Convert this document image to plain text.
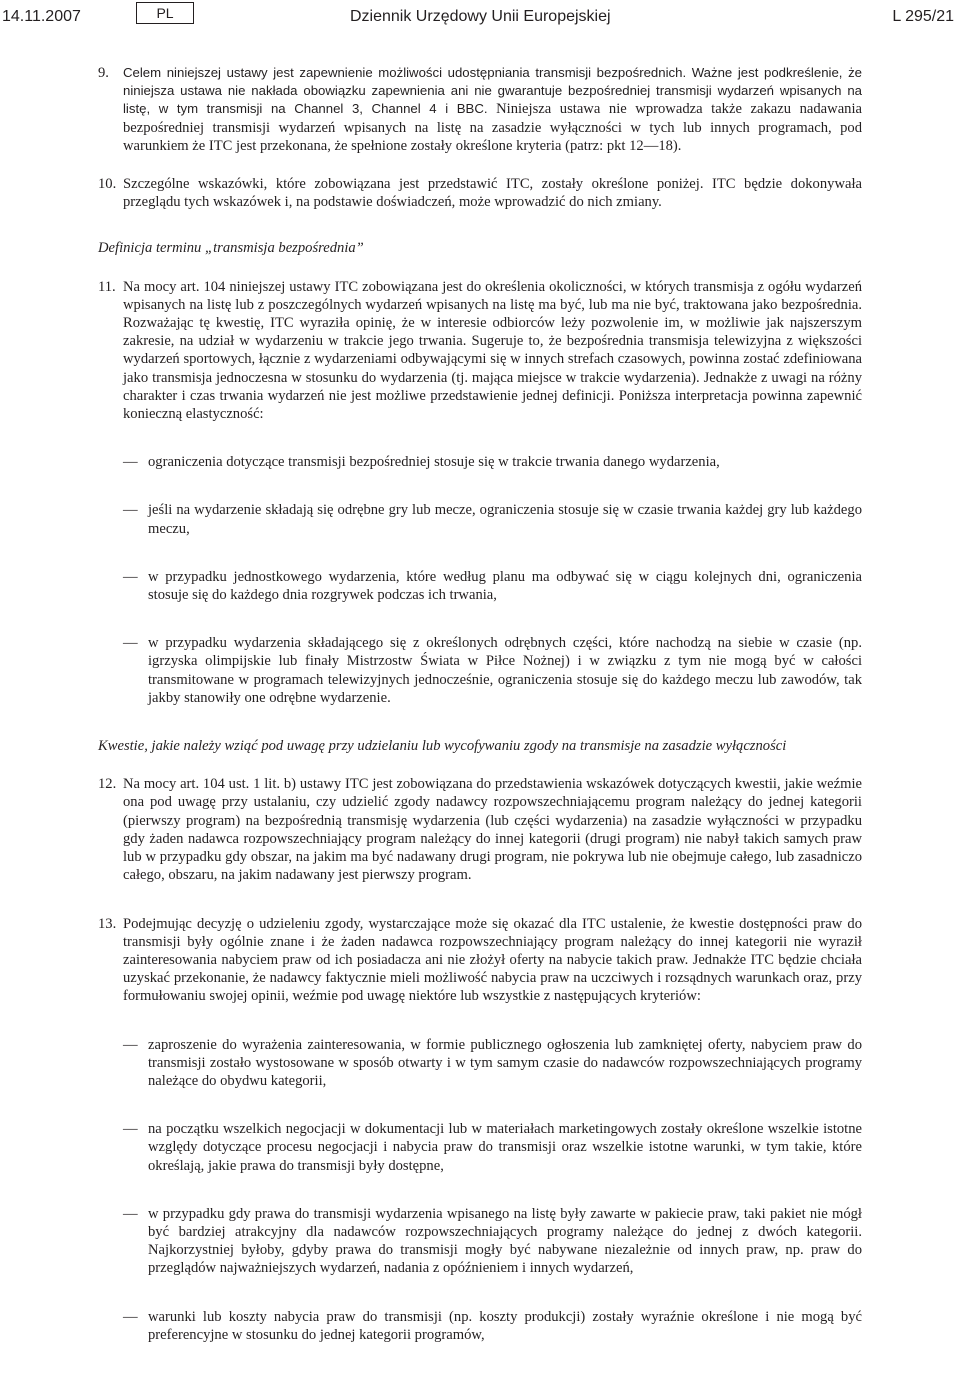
14.11.2007	PL	Dziennik Urzędowy Unii Europejskiej	L 295/21

9. Celem niniejszej ustawy jest zapewnienie możliwości udostępniania transmisji bezpośrednich. Ważne jest podkreślenie, że niniejsza ustawa nie nakłada obowiązku zapewnienia ani nie gwarantuje bezpośredniej transmisji wydarzeń wpisanych na listę, w tym transmisji na Channel 3, Channel 4 i BBC. Niniejsza ustawa nie wprowadza także zakazu nadawania bezpośredniej transmisji wydarzeń wpisanych na listę na zasadzie wyłączności w tych lub innych programach, pod warunkiem że ITC jest przekonana, że spełnione zostały określone kryteria (patrz: pkt 12—18).

10. Szczególne wskazówki, które zobowiązana jest przedstawić ITC, zostały określone poniżej. ITC będzie dokonywała przeglądu tych wskazówek i, na podstawie doświadczeń, może wprowadzić do nich zmiany.

Definicja terminu „transmisja bezpośrednia”

11. Na mocy art. 104 niniejszej ustawy ITC zobowiązana jest do określenia okoliczności, w których transmisja z ogółu wydarzeń wpisanych na listę lub z poszczególnych wydarzeń wpisanych na listę ma być, lub ma nie być, traktowana jako bezpośrednia. Rozważając tę kwestię, ITC wyraziła opinię, że w interesie odbiorców leży pozwolenie im, w możliwie jak najszerszym zakresie, na udział w wydarzeniu w trakcie jego trwania. Sugeruje to, że bezpośrednia transmisja telewizyjna z większości wydarzeń sportowych, łącznie z wydarzeniami odbywającymi się w innych strefach czasowych, powinna zostać zdefiniowana jako transmisja jednoczesna w stosunku do wydarzenia (tj. mająca miejsce w trakcie wydarzenia). Jednakże z uwagi na różny charakter i czas trwania wydarzeń nie jest możliwe przedstawienie jednej definicji. Poniższa interpretacja powinna zapewnić konieczną elastyczność:

— ograniczenia dotyczące transmisji bezpośredniej stosuje się w trakcie trwania danego wydarzenia,

— jeśli na wydarzenie składają się odrębne gry lub mecze, ograniczenia stosuje się w czasie trwania każdej gry lub każdego meczu,

— w przypadku jednostkowego wydarzenia, które według planu ma odbywać się w ciągu kolejnych dni, ograniczenia stosuje się do każdego dnia rozgrywek podczas ich trwania,

— w przypadku wydarzenia składającego się z określonych odrębnych części, które nachodzą na siebie w czasie (np. igrzyska olimpijskie lub finały Mistrzostw Świata w Piłce Nożnej) i w związku z tym nie mogą być w całości transmitowane w programach telewizyjnych jednocześnie, ograniczenia stosuje się do każdego meczu lub zawodów, tak jakby stanowiły one odrębne wydarzenie.

Kwestie, jakie należy wziąć pod uwagę przy udzielaniu lub wycofywaniu zgody na transmisje na zasadzie wyłączności

12. Na mocy art. 104 ust. 1 lit. b) ustawy ITC jest zobowiązana do przedstawienia wskazówek dotyczących kwestii, jakie weźmie ona pod uwagę przy ustalaniu, czy udzielić zgody nadawcy rozpowszechniającemu program należący do jednej kategorii (pierwszy program) na bezpośrednią transmisję wydarzenia (lub części wydarzenia) na zasadzie wyłączności w przypadku gdy żaden nadawca rozpowszechniający program należący do innej kategorii (drugi program) nie nabył takich samych praw lub w przypadku gdy obszar, na jakim ma być nadawany drugi program, nie pokrywa lub nie obejmuje całego, lub zasadniczo całego, obszaru, na jakim nadawany jest pierwszy program.

13. Podejmując decyzję o udzieleniu zgody, wystarczające może się okazać dla ITC ustalenie, że kwestie dostępności praw do transmisji były ogólnie znane i że żaden nadawca rozpowszechniający program należący do innej kategorii nie wyraził zainteresowania nabyciem praw od ich posiadacza ani nie złożył oferty na nabycie takich praw. Jednakże ITC będzie chciała uzyskać przekonanie, że nadawcy faktycznie mieli możliwość nabycia praw na uczciwych i rozsądnych warunkach oraz, przy formułowaniu swojej opinii, weźmie pod uwagę niektóre lub wszystkie z następujących kryteriów:

— zaproszenie do wyrażenia zainteresowania, w formie publicznego ogłoszenia lub zamkniętej oferty, nabyciem praw do transmisji zostało wystosowane w sposób otwarty i w tym samym czasie do nadawców rozpowszechniających programy należące do obydwu kategorii,

— na początku wszelkich negocjacji w dokumentacji lub w materiałach marketingowych zostały określone wszelkie istotne względy dotyczące procesu negocjacji i nabycia praw do transmisji oraz wszelkie istotne warunki, w tym takie, które określają, jakie prawa do transmisji były dostępne,

— w przypadku gdy prawa do transmisji wydarzenia wpisanego na listę były zawarte w pakiecie praw, taki pakiet nie mógł być bardziej atrakcyjny dla nadawców rozpowszechniających programy należące do jednej z dwóch kategorii. Najkorzystniej byłoby, gdyby prawa do transmisji mogły być nabywane niezależnie od innych praw, np. praw do przeglądów najważniejszych wydarzeń, nadania z opóźnieniem i innych wydarzeń,

— warunki lub koszty nabycia praw do transmisji (np. koszty produkcji) zostały wyraźnie określone i nie mogą być preferencyjne w stosunku do jednej kategorii programów,
